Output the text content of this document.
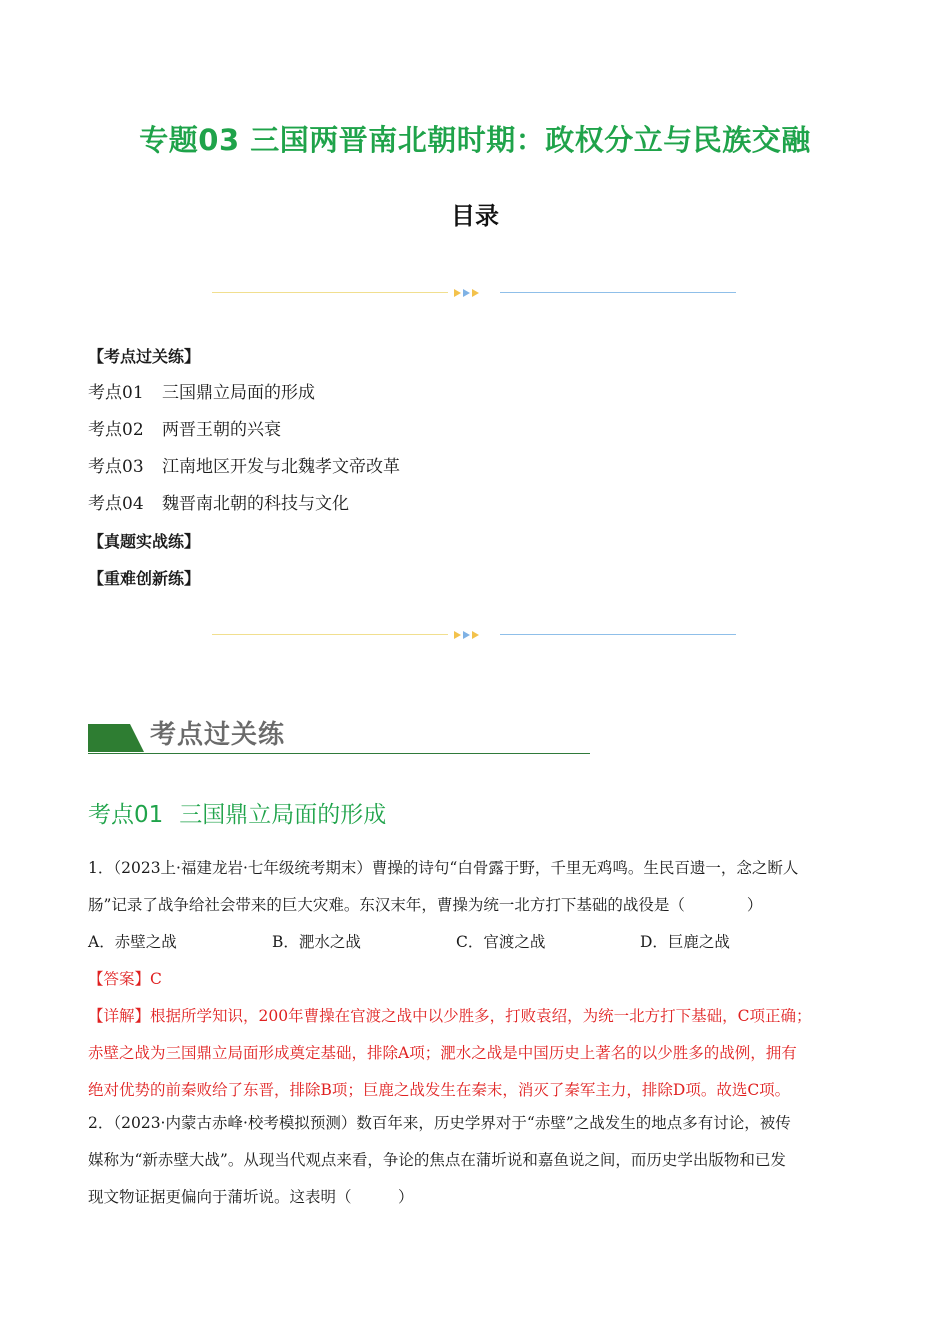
专题03 三国两晋南北朝时期：政权分立与民族交融
目录
【考点过关练】
考点01 三国鼎立局面的形成
考点02 两晋王朝的兴衰
考点03 江南地区开发与北魏孝文帝改革
考点04 魏晋南北朝的科技与文化
【真题实战练】
【重难创新练】
考点过关练
考点01 三国鼎立局面的形成

1．（2023上·福建龙岩·七年级统考期末）曹操的诗句“白骨露于野，千里无鸡鸣。生民百遗一，念之断人

肠”记录了战争给社会带来的巨大灾难。东汉末年，曹操为统一北方打下基础的战役是（　　　　）

A．赤壁之战	B．淝水之战	C．官渡之战	D．巨鹿之战

【答案】C

【详解】根据所学知识，200年曹操在官渡之战中以少胜多，打败袁绍，为统一北方打下基础，C项正确；

赤壁之战为三国鼎立局面形成奠定基础，排除A项；淝水之战是中国历史上著名的以少胜多的战例，拥有

绝对优势的前秦败给了东晋，排除B项；巨鹿之战发生在秦末，消灭了秦军主力，排除D项。故选C项。

2．（2023·内蒙古赤峰·校考模拟预测）数百年来，历史学界对于“赤壁”之战发生的地点多有讨论，被传

媒称为“新赤壁大战”。从现当代观点来看，争论的焦点在蒲圻说和嘉鱼说之间，而历史学出版物和已发

现文物证据更偏向于蒲圻说。这表明（　　　）
